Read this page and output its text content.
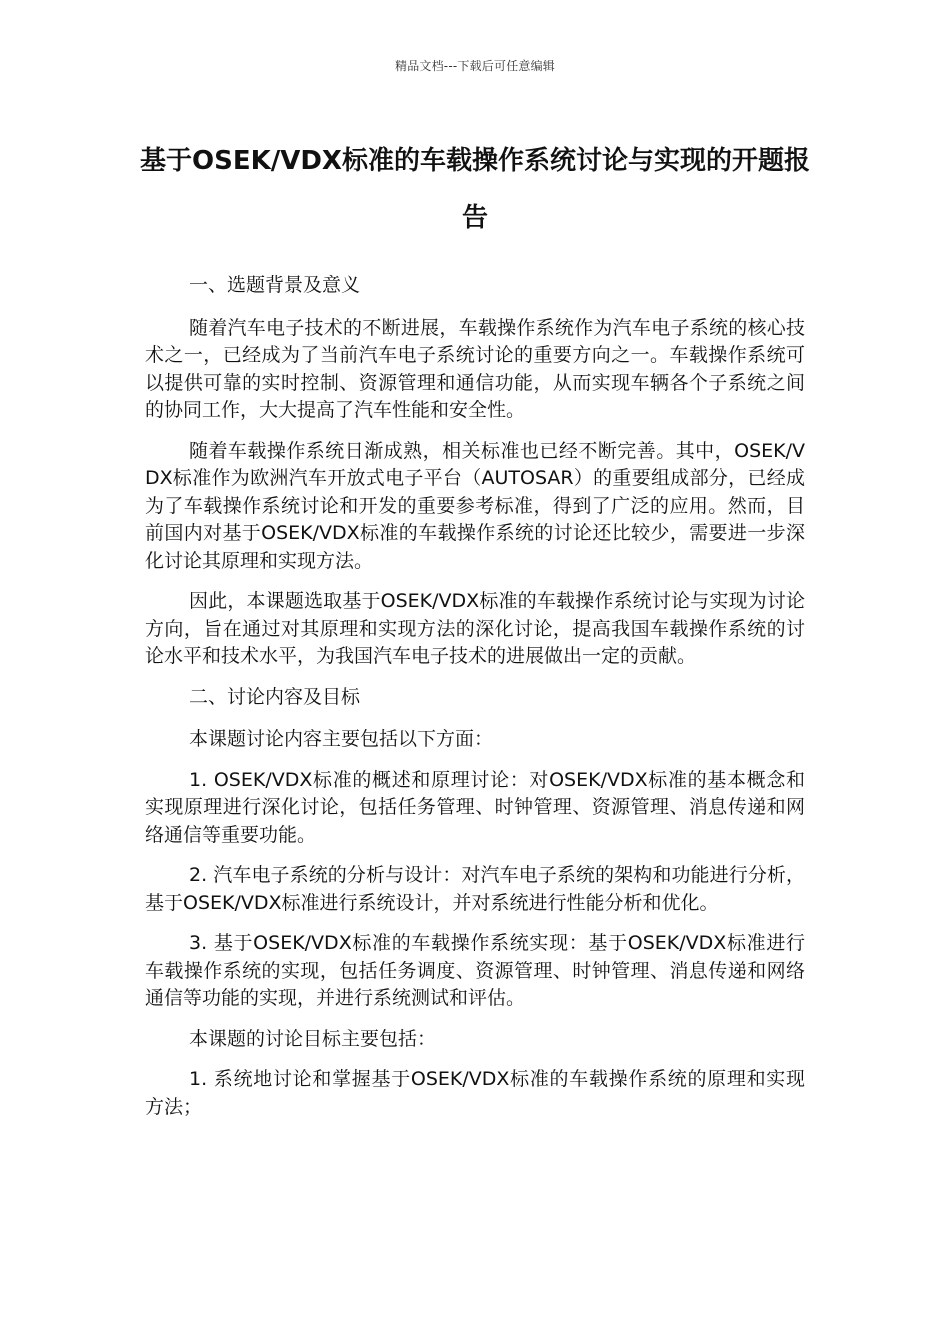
精品文档---下载后可任意编辑
基于OSEK/VDX标准的车载操作系统讨论与实现的开题报告

一、选题背景及意义

随着汽车电子技术的不断进展，车载操作系统作为汽车电子系统的核心技术之一，已经成为了当前汽车电子系统讨论的重要方向之一。车载操作系统可以提供可靠的实时控制、资源管理和通信功能，从而实现车辆各个子系统之间的协同工作，大大提高了汽车性能和安全性。

随着车载操作系统日渐成熟，相关标准也已经不断完善。其中，OSEK/VDX标准作为欧洲汽车开放式电子平台（AUTOSAR）的重要组成部分，已经成为了车载操作系统讨论和开发的重要参考标准，得到了广泛的应用。然而，目前国内对基于OSEK/VDX标准的车载操作系统的讨论还比较少，需要进一步深化讨论其原理和实现方法。

因此，本课题选取基于OSEK/VDX标准的车载操作系统讨论与实现为讨论方向，旨在通过对其原理和实现方法的深化讨论，提高我国车载操作系统的讨论水平和技术水平，为我国汽车电子技术的进展做出一定的贡献。

二、讨论内容及目标

本课题讨论内容主要包括以下方面：

1. OSEK/VDX标准的概述和原理讨论：对OSEK/VDX标准的基本概念和实现原理进行深化讨论，包括任务管理、时钟管理、资源管理、消息传递和网络通信等重要功能。

2. 汽车电子系统的分析与设计：对汽车电子系统的架构和功能进行分析，基于OSEK/VDX标准进行系统设计，并对系统进行性能分析和优化。

3. 基于OSEK/VDX标准的车载操作系统实现：基于OSEK/VDX标准进行车载操作系统的实现，包括任务调度、资源管理、时钟管理、消息传递和网络通信等功能的实现，并进行系统测试和评估。

本课题的讨论目标主要包括：

1. 系统地讨论和掌握基于OSEK/VDX标准的车载操作系统的原理和实现方法；
